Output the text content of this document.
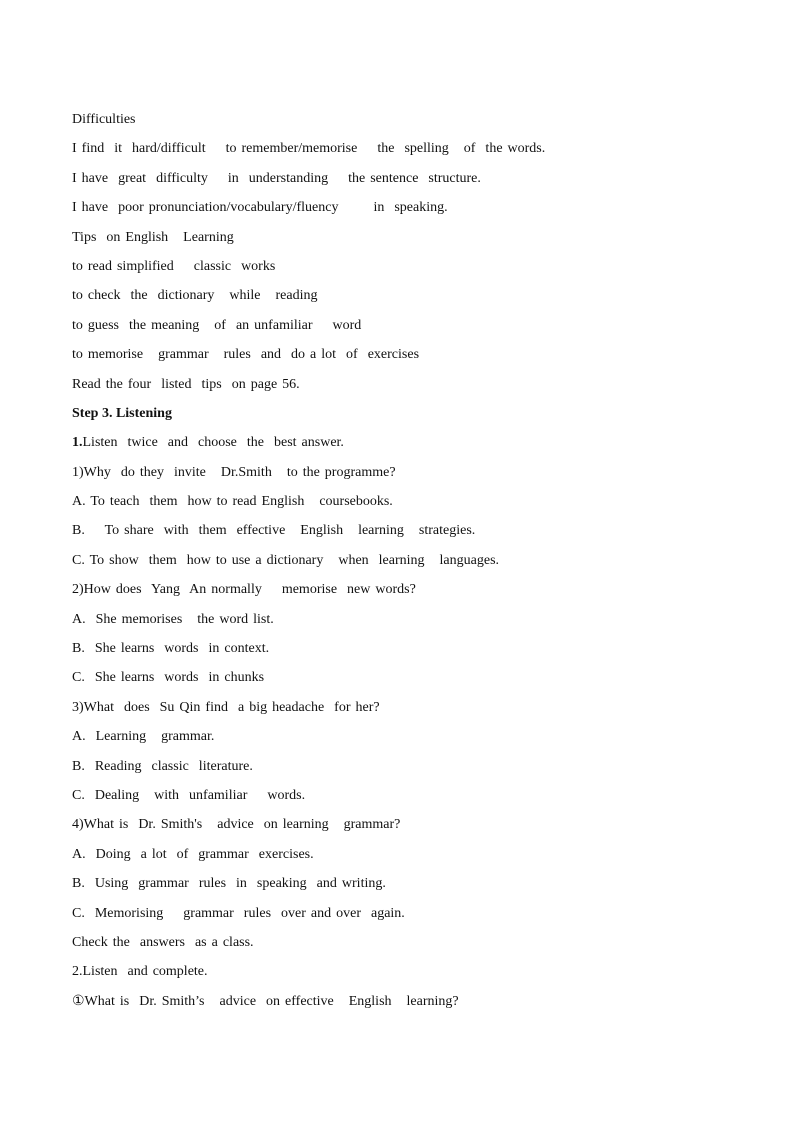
Difficulties
I find  it  hard/difficult    to remember/memorise    the  spelling   of  the words.
I have  great  difficulty    in  understanding    the sentence  structure.
I have  poor pronunciation/vocabulary/fluency       in  speaking.
Tips  on English   Learning
to read simplified    classic  works
to check  the  dictionary   while   reading
to guess  the meaning   of  an unfamiliar    word
to memorise   grammar   rules  and  do a lot  of  exercises
Read the four  listed  tips  on page 56.
Step 3. Listening
1.Listen  twice  and  choose  the  best answer.
1)Why  do they  invite   Dr.Smith   to the programme?
A. To teach  them  how to read English   coursebooks.
B.    To share  with  them  effective   English   learning   strategies.
C. To show  them  how to use a dictionary   when  learning   languages.
2)How does  Yang  An normally    memorise  new words?
A.  She memorises   the word list.
B.  She learns  words  in context.
C.  She learns  words  in chunks
3)What  does  Su Qin find  a big headache  for her?
A.  Learning   grammar.
B.  Reading  classic  literature.
C.  Dealing   with  unfamiliar    words.
4)What is  Dr. Smith's   advice  on learning   grammar?
A.  Doing  a lot  of  grammar  exercises.
B.  Using  grammar  rules  in  speaking  and writing.
C.  Memorising    grammar  rules  over and over  again.
Check the  answers  as a class.
2.Listen  and complete.
①What is  Dr. Smith’s   advice  on effective   English   learning?
